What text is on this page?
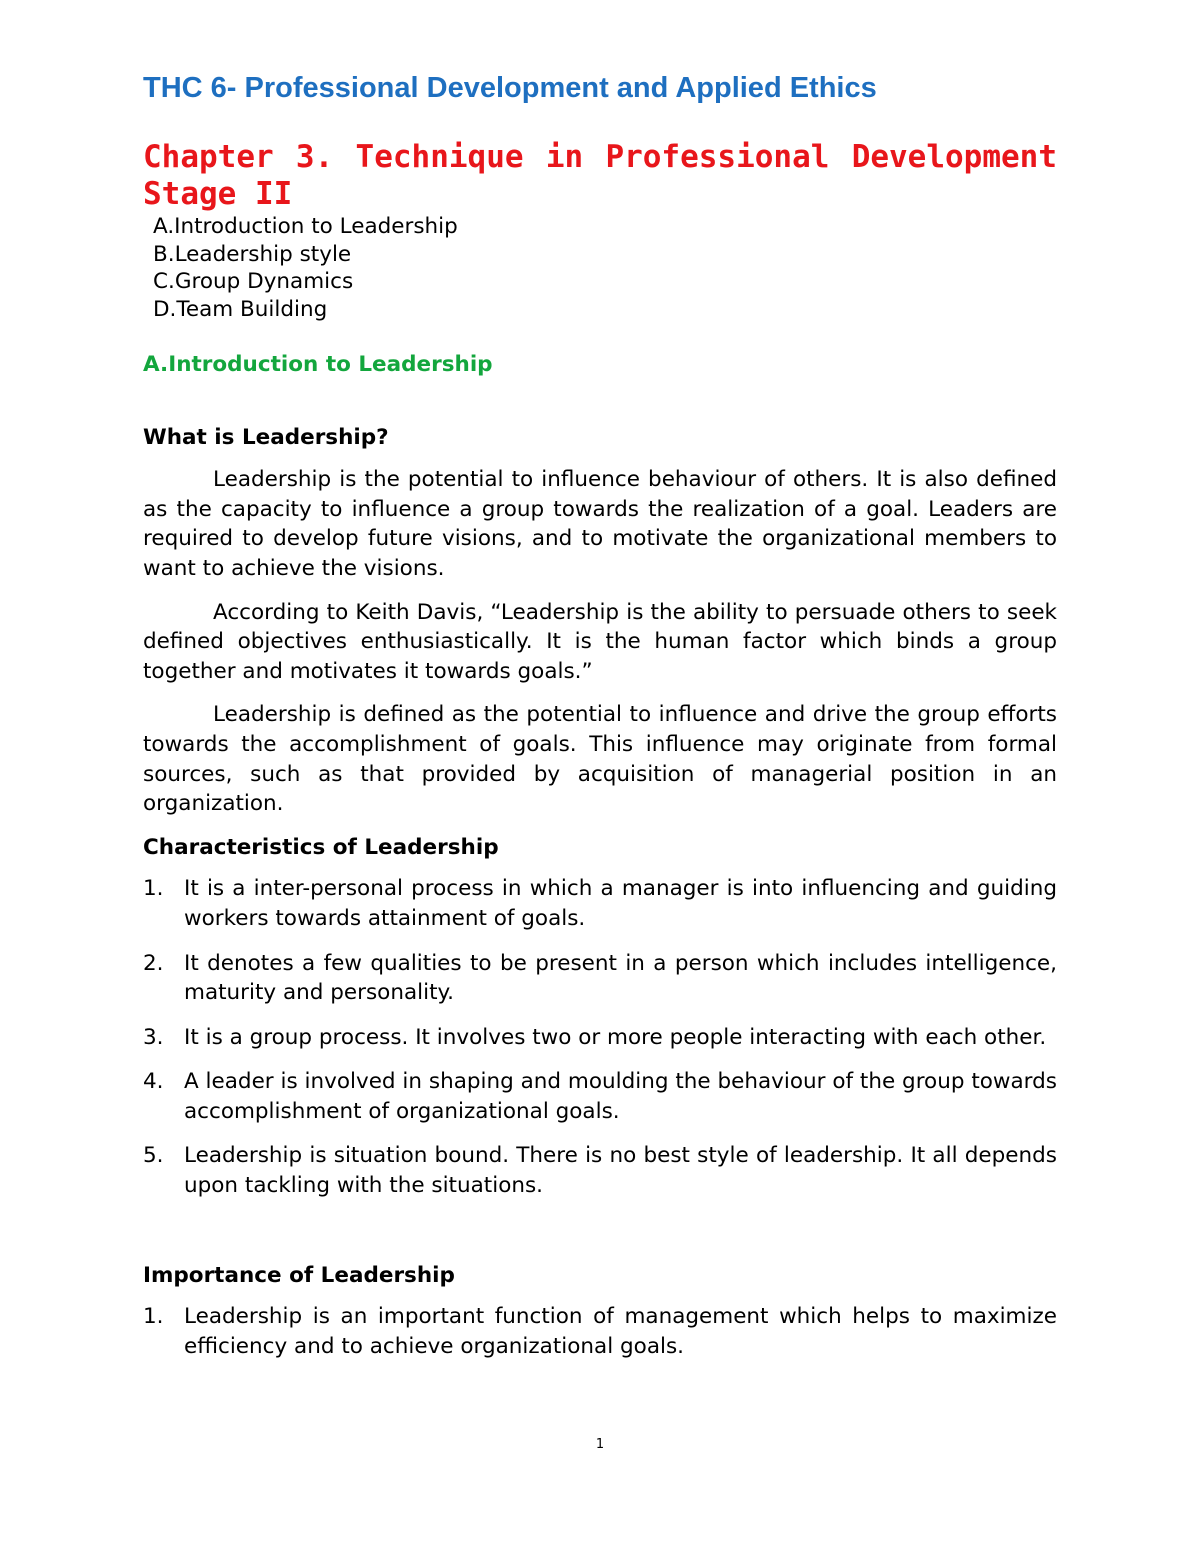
THC 6- Professional Development and Applied Ethics
Chapter 3. Technique in Professional Development Stage II
A.Introduction to Leadership
B.Leadership style
C.Group Dynamics
D.Team Building
A.Introduction to Leadership
What is Leadership?

Leadership is the potential to influence behaviour of others. It is also defined as the capacity to influence a group towards the realization of a goal. Leaders are required to develop future visions, and to motivate the organizational members to want to achieve the visions.

According to Keith Davis, “Leadership is the ability to persuade others to seek defined objectives enthusiastically. It is the human factor which binds a group together and motivates it towards goals.”

Leadership is defined as the potential to influence and drive the group efforts towards the accomplishment of goals. This influence may originate from formal sources, such as that provided by acquisition of managerial position in an organization.

Characteristics of Leadership
1. It is a inter-personal process in which a manager is into influencing and guiding workers towards attainment of goals.
2. It denotes a few qualities to be present in a person which includes intelligence, maturity and personality.
3. It is a group process. It involves two or more people interacting with each other.
4. A leader is involved in shaping and moulding the behaviour of the group towards accomplishment of organizational goals.
5. Leadership is situation bound. There is no best style of leadership. It all depends upon tackling with the situations.
Importance of Leadership
1. Leadership is an important function of management which helps to maximize efficiency and to achieve organizational goals.
1
